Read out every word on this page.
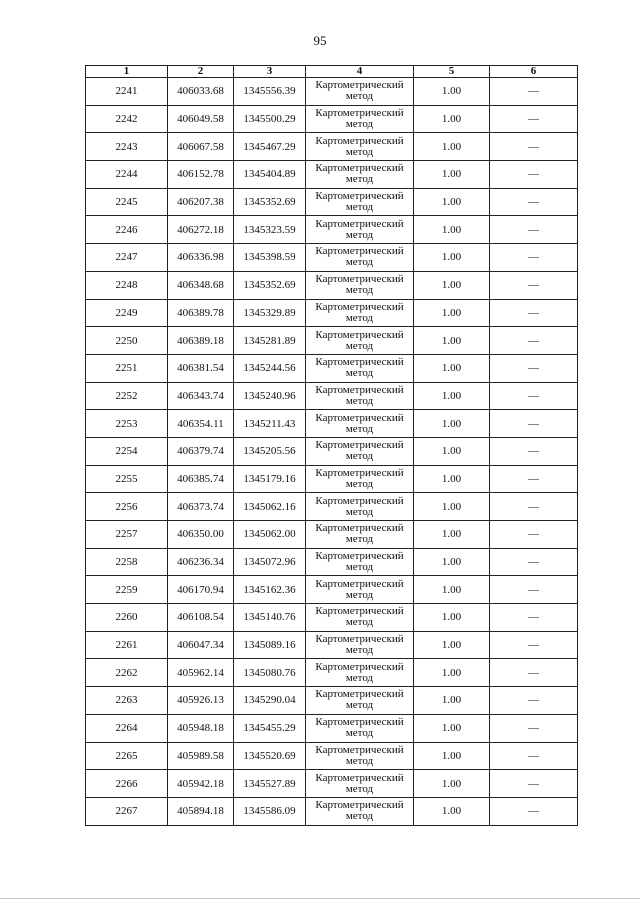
95
1	2	3	4	5	6
2241	406033.68	1345556.39	Картометрический
метод	1.00	—
2242	406049.58	1345500.29	Картометрический
метод	1.00	—
2243	406067.58	1345467.29	Картометрический
метод	1.00	—
2244	406152.78	1345404.89	Картометрический
метод	1.00	—
2245	406207.38	1345352.69	Картометрический
метод	1.00	—
2246	406272.18	1345323.59	Картометрический
метод	1.00	—
2247	406336.98	1345398.59	Картометрический
метод	1.00	—
2248	406348.68	1345352.69	Картометрический
метод	1.00	—
2249	406389.78	1345329.89	Картометрический
метод	1.00	—
2250	406389.18	1345281.89	Картометрический
метод	1.00	—
2251	406381.54	1345244.56	Картометрический
метод	1.00	—
2252	406343.74	1345240.96	Картометрический
метод	1.00	—
2253	406354.11	1345211.43	Картометрический
метод	1.00	—
2254	406379.74	1345205.56	Картометрический
метод	1.00	—
2255	406385.74	1345179.16	Картометрический
метод	1.00	—
2256	406373.74	1345062.16	Картометрический
метод	1.00	—
2257	406350.00	1345062.00	Картометрический
метод	1.00	—
2258	406236.34	1345072.96	Картометрический
метод	1.00	—
2259	406170.94	1345162.36	Картометрический
метод	1.00	—
2260	406108.54	1345140.76	Картометрический
метод	1.00	—
2261	406047.34	1345089.16	Картометрический
метод	1.00	—
2262	405962.14	1345080.76	Картометрический
метод	1.00	—
2263	405926.13	1345290.04	Картометрический
метод	1.00	—
2264	405948.18	1345455.29	Картометрический
метод	1.00	—
2265	405989.58	1345520.69	Картометрический
метод	1.00	—
2266	405942.18	1345527.89	Картометрический
метод	1.00	—
2267	405894.18	1345586.09	Картометрический
метод	1.00	—
